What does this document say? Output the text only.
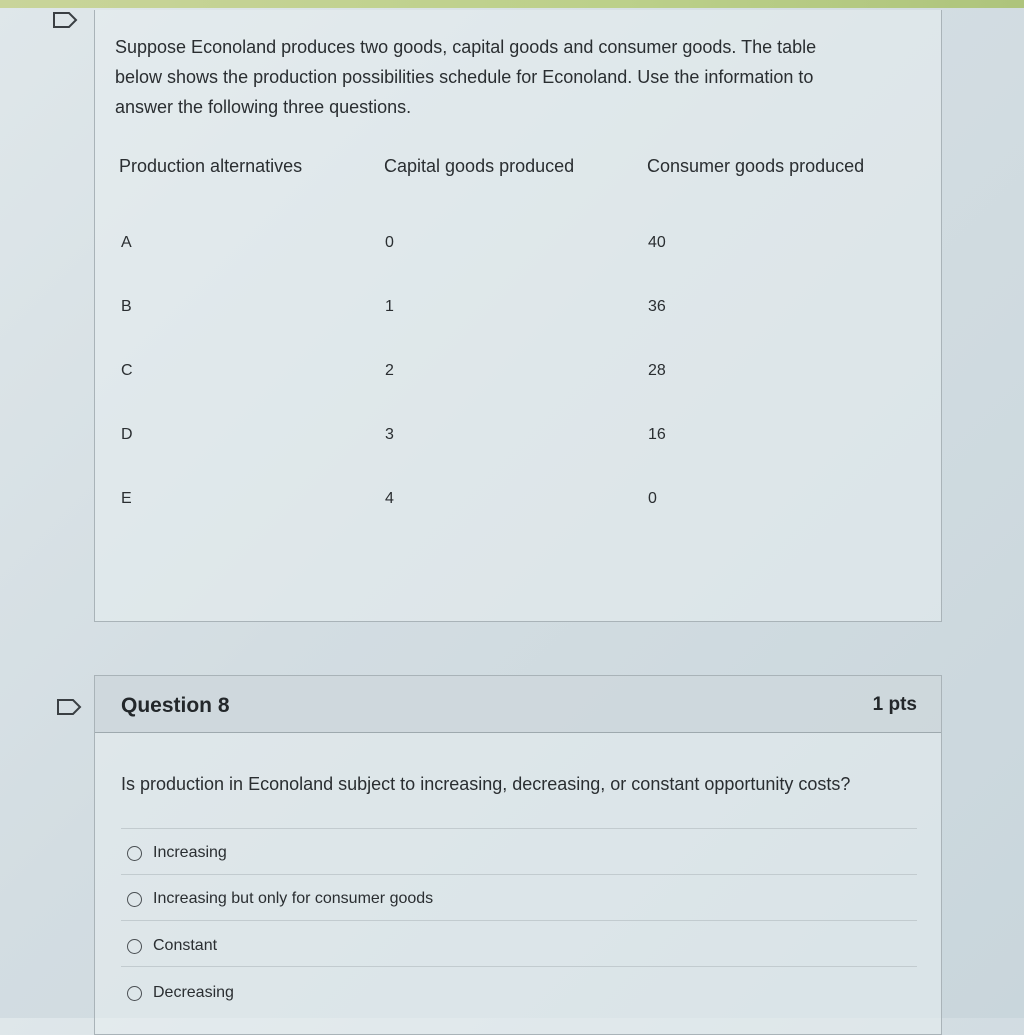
Suppose Econoland produces two goods, capital goods and consumer goods. The table
below shows the production possibilities schedule for Econoland. Use the information to
answer the following three questions.

Production alternatives	Capital goods produced	Consumer goods produced
A	0	40
B	1	36
C	2	28
D	3	16
E	4	0
Question 8	1 pts
Is production in Econoland subject to increasing, decreasing, or constant opportunity costs?
Increasing
Increasing but only for consumer goods
Constant
Decreasing
